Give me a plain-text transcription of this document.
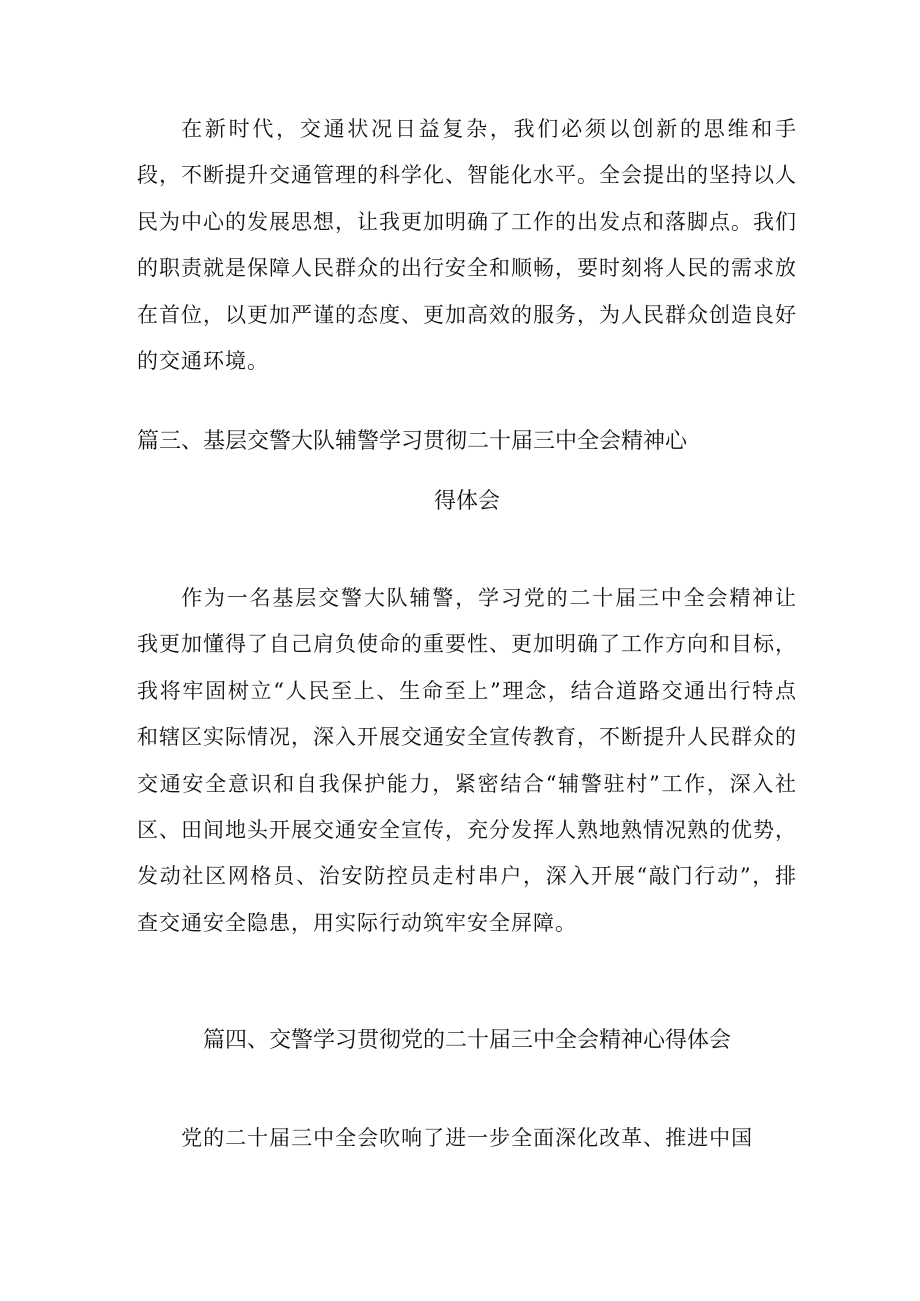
在新时代，交通状况日益复杂，我们必须以创新的思维和手段，不断提升交通管理的科学化、智能化水平。全会提出的坚持以人民为中心的发展思想，让我更加明确了工作的出发点和落脚点。我们的职责就是保障人民群众的出行安全和顺畅，要时刻将人民的需求放在首位，以更加严谨的态度、更加高效的服务，为人民群众创造良好的交通环境。

篇三、基层交警大队辅警学习贯彻二十届三中全会精神心
得体会

作为一名基层交警大队辅警，学习党的二十届三中全会精神让我更加懂得了自己肩负使命的重要性、更加明确了工作方向和目标，我将牢固树立“人民至上、生命至上”理念，结合道路交通出行特点和辖区实际情况，深入开展交通安全宣传教育，不断提升人民群众的交通安全意识和自我保护能力，紧密结合“辅警驻村”工作，深入社区、田间地头开展交通安全宣传，充分发挥人熟地熟情况熟的优势，发动社区网格员、治安防控员走村串户，深入开展“敲门行动”，排查交通安全隐患，用实际行动筑牢安全屏障。

篇四、交警学习贯彻党的二十届三中全会精神心得体会

党的二十届三中全会吹响了进一步全面深化改革、推进中国
